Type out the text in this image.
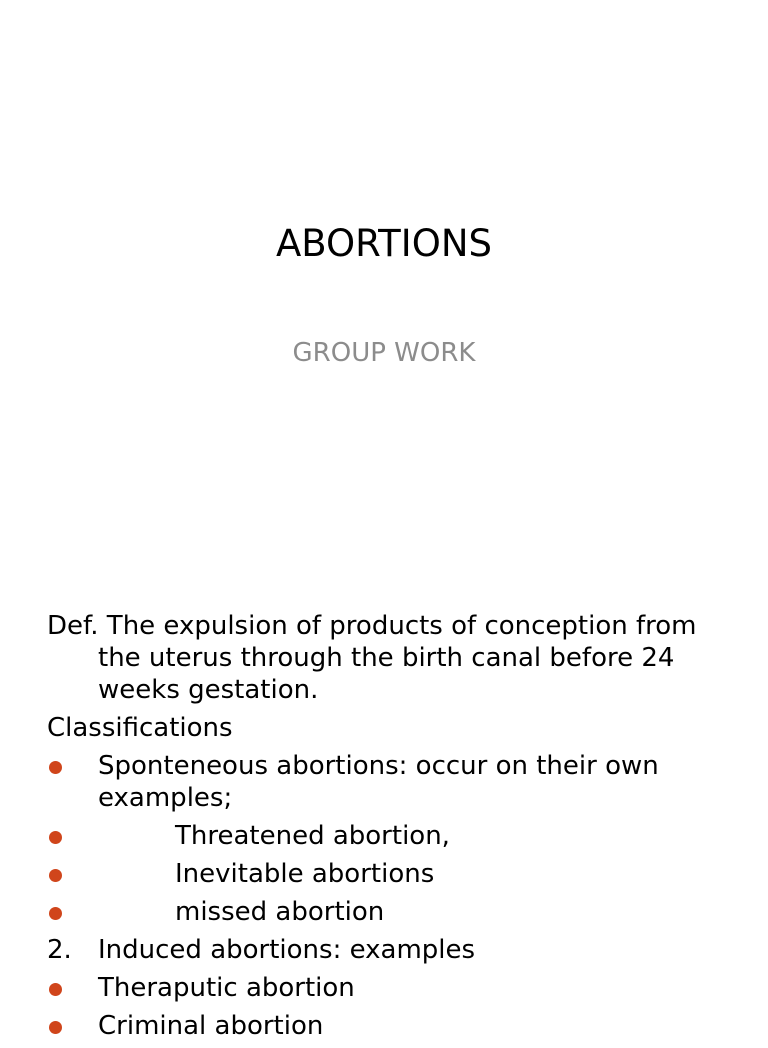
ABORTIONS
GROUP WORK
Def. The expulsion of products of conception from the uterus through the birth canal before 24 weeks gestation.
Classifications
Sponteneous abortions: occur on their own examples;
Threatened abortion,
Inevitable abortions
missed abortion
2. Induced abortions: examples
Theraputic abortion
Criminal abortion
